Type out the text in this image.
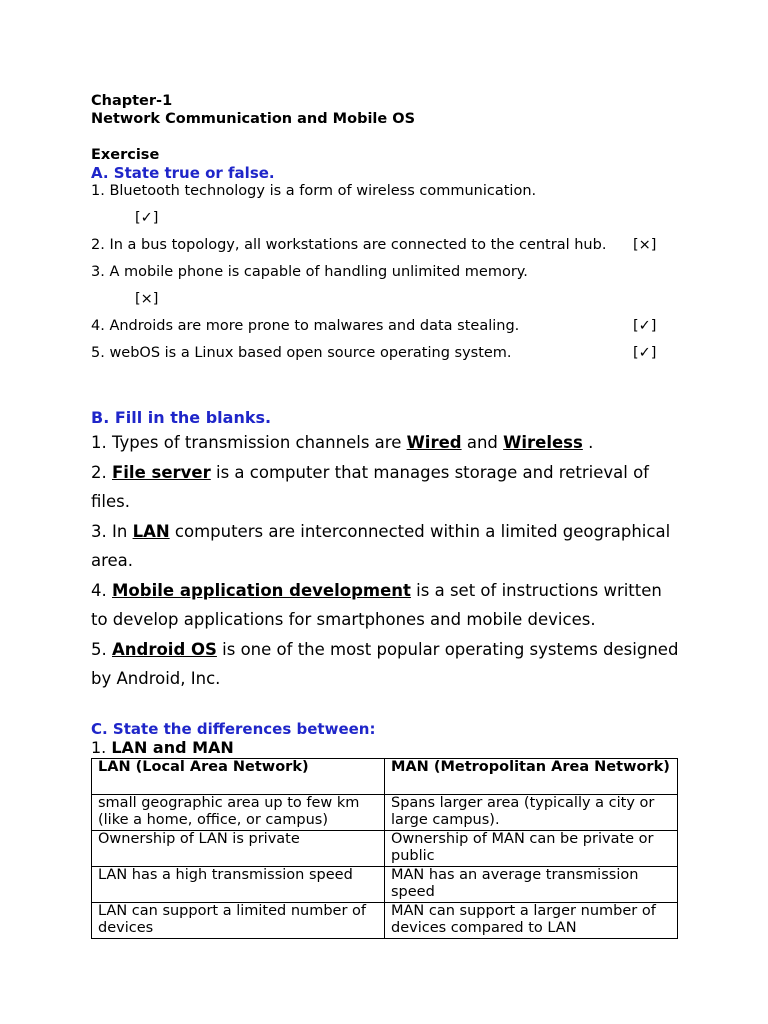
Chapter-1
Network Communication and Mobile OS
Exercise
A. State true or false.
1. Bluetooth technology is a form of wireless communication.
[✓]
2. In a bus topology, all workstations are connected to the central hub. [×]
3. A mobile phone is capable of handling unlimited memory.
[×]
4. Androids are more prone to malwares and data stealing.	[✓]
5. webOS is a Linux based open source operating system.	[✓]
B. Fill in the blanks.
1. Types of transmission channels are Wired and Wireless .
2. File server is a computer that manages storage and retrieval of files.
3. In LAN computers are interconnected within a limited geographical area.
4. Mobile application development is a set of instructions written to develop applications for smartphones and mobile devices.
5. Android OS is one of the most popular operating systems designed by Android, Inc.
C. State the differences between:
1. LAN and MAN
LAN (Local Area Network)	MAN (Metropolitan Area Network)
small geographic area up to few km (like a home, office, or campus)	Spans larger area (typically a city or large campus).
Ownership of LAN is private	Ownership of MAN can be private or public
LAN has a high transmission speed	MAN has an average transmission speed
LAN can support a limited number of devices	MAN can support a larger number of devices compared to LAN
